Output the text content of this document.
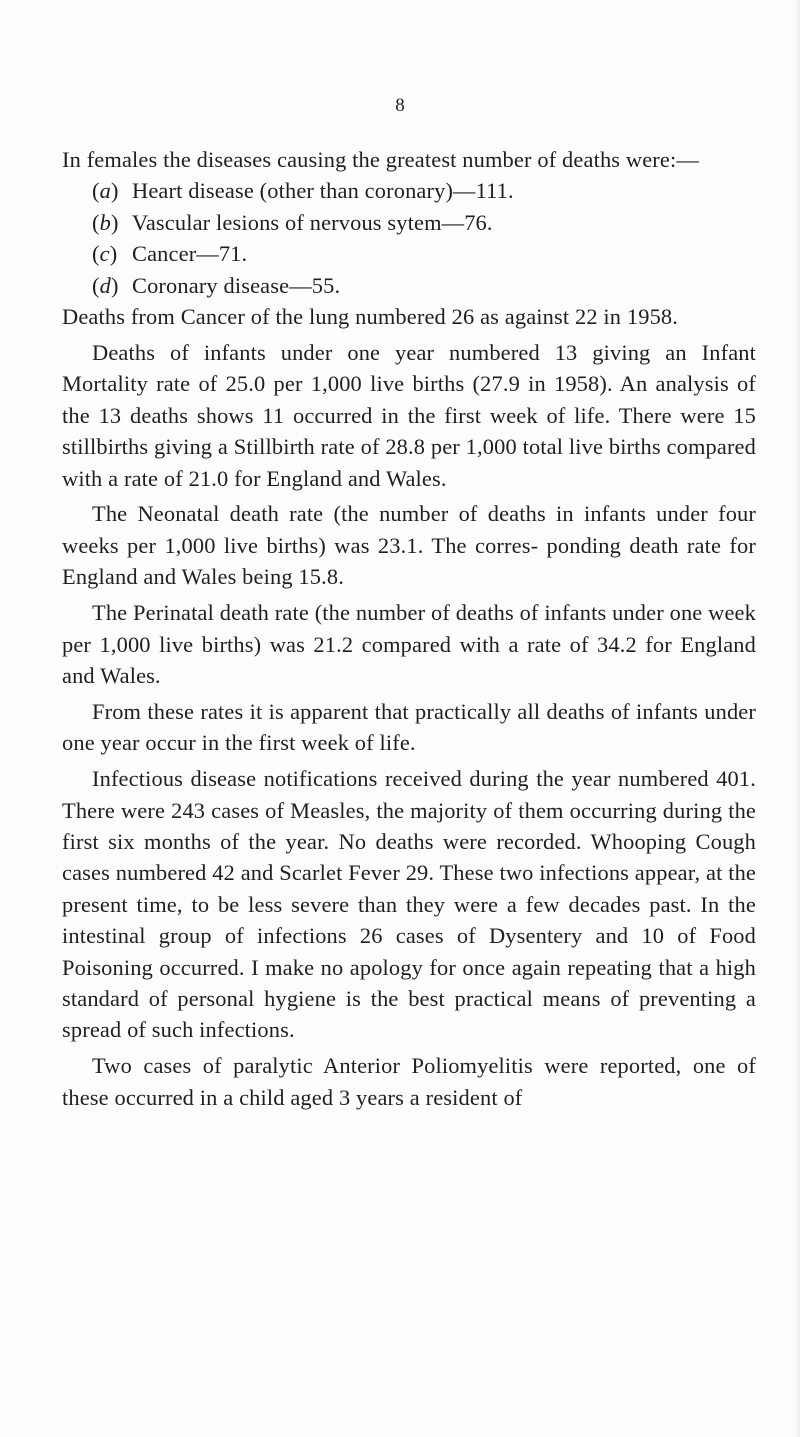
8

In females the diseases causing the greatest number of deaths were:—

(a) Heart disease (other than coronary)—111.
(b) Vascular lesions of nervous sytem—76.
(c) Cancer—71.
(d) Coronary disease—55.

Deaths from Cancer of the lung numbered 26 as against 22 in 1958.

Deaths of infants under one year numbered 13 giving an Infant Mortality rate of 25.0 per 1,000 live births (27.9 in 1958). An analysis of the 13 deaths shows 11 occurred in the first week of life. There were 15 stillbirths giving a Stillbirth rate of 28.8 per 1,000 total live births compared with a rate of 21.0 for England and Wales.

The Neonatal death rate (the number of deaths in infants under four weeks per 1,000 live births) was 23.1. The corres- ponding death rate for England and Wales being 15.8.

The Perinatal death rate (the number of deaths of infants under one week per 1,000 live births) was 21.2 compared with a rate of 34.2 for England and Wales.

From these rates it is apparent that practically all deaths of infants under one year occur in the first week of life.

Infectious disease notifications received during the year numbered 401. There were 243 cases of Measles, the majority of them occurring during the first six months of the year. No deaths were recorded. Whooping Cough cases numbered 42 and Scarlet Fever 29. These two infections appear, at the present time, to be less severe than they were a few decades past. In the intestinal group of infections 26 cases of Dysentery and 10 of Food Poisoning occurred. I make no apology for once again repeating that a high standard of personal hygiene is the best practical means of preventing a spread of such infections.

Two cases of paralytic Anterior Poliomyelitis were reported, one of these occurred in a child aged 3 years a resident of
